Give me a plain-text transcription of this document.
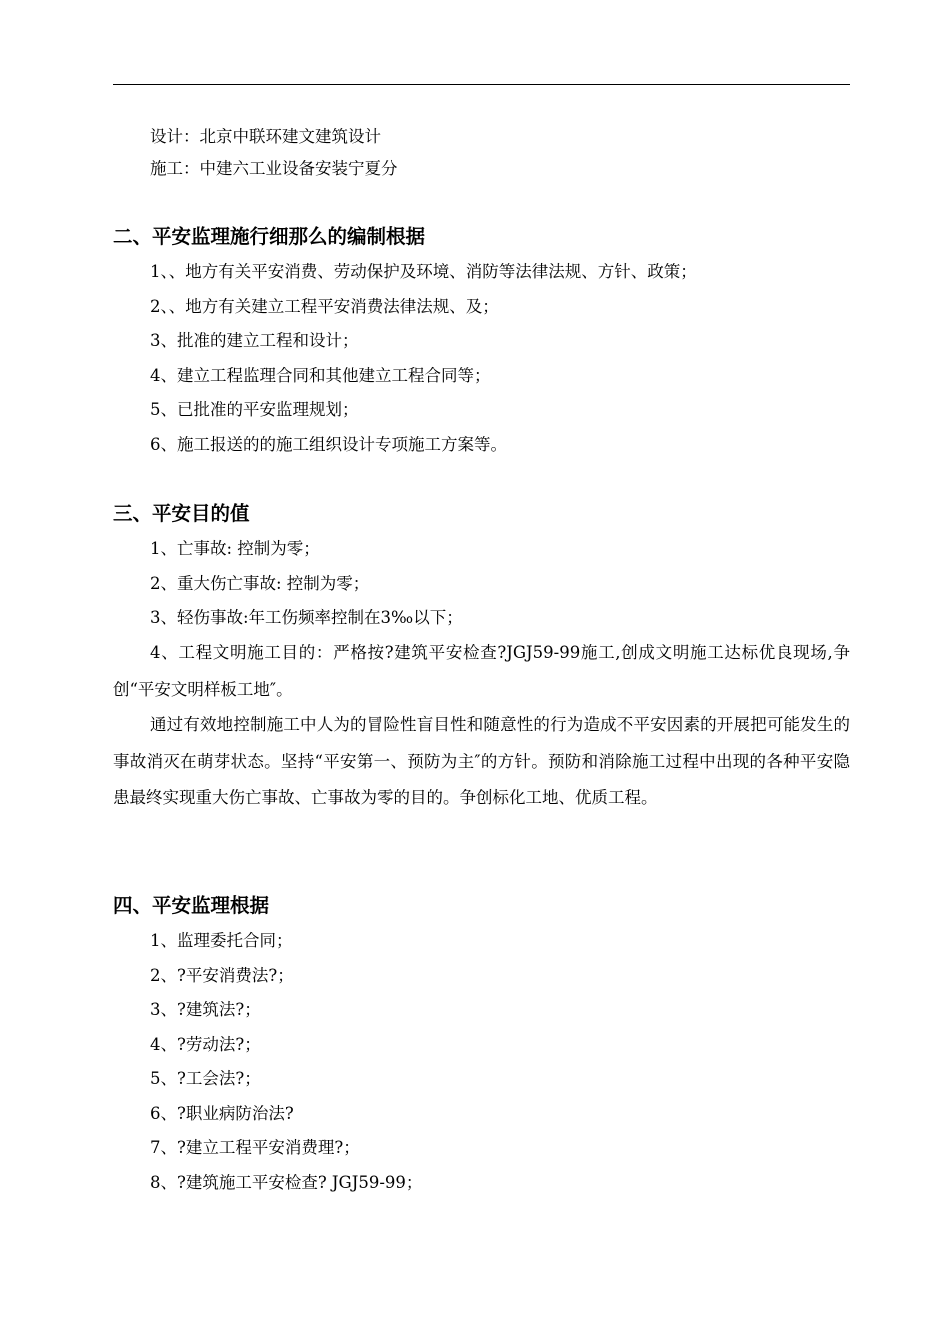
设计：北京中联环建文建筑设计
施工：中建六工业设备安装宁夏分
二、平安监理施行细那么的编制根据
1、、地方有关平安消费、劳动保护及环境、消防等法律法规、方针、政策；
2、、地方有关建立工程平安消费法律法规、及；
3、批准的建立工程和设计；
4、建立工程监理合同和其他建立工程合同等；
5、已批准的平安监理规划；
6、施工报送的的施工组织设计专项施工方案等。
三、平安目的值
1、亡事故: 控制为零；
2、重大伤亡事故: 控制为零；
3、轻伤事故:年工伤频率控制在3‰以下；
4、工程文明施工目的：严格按?建筑平安检查?JGJ59-99施工,创成文明施工达标优良现场,争创“平安文明样板工地″。
通过有效地控制施工中人为的冒险性盲目性和随意性的行为造成不平安因素的开展把可能发生的事故消灭在萌芽状态。坚持“平安第一、预防为主″的方针。预防和消除施工过程中出现的各种平安隐患最终实现重大伤亡事故、亡事故为零的目的。争创标化工地、优质工程。
四、平安监理根据
1、监理委托合同；
2、?平安消费法?；
3、?建筑法?；
4、?劳动法?；
5、?工会法?；
6、?职业病防治法?
7、?建立工程平安消费理?；
8、?建筑施工平安检查? JGJ59-99；
